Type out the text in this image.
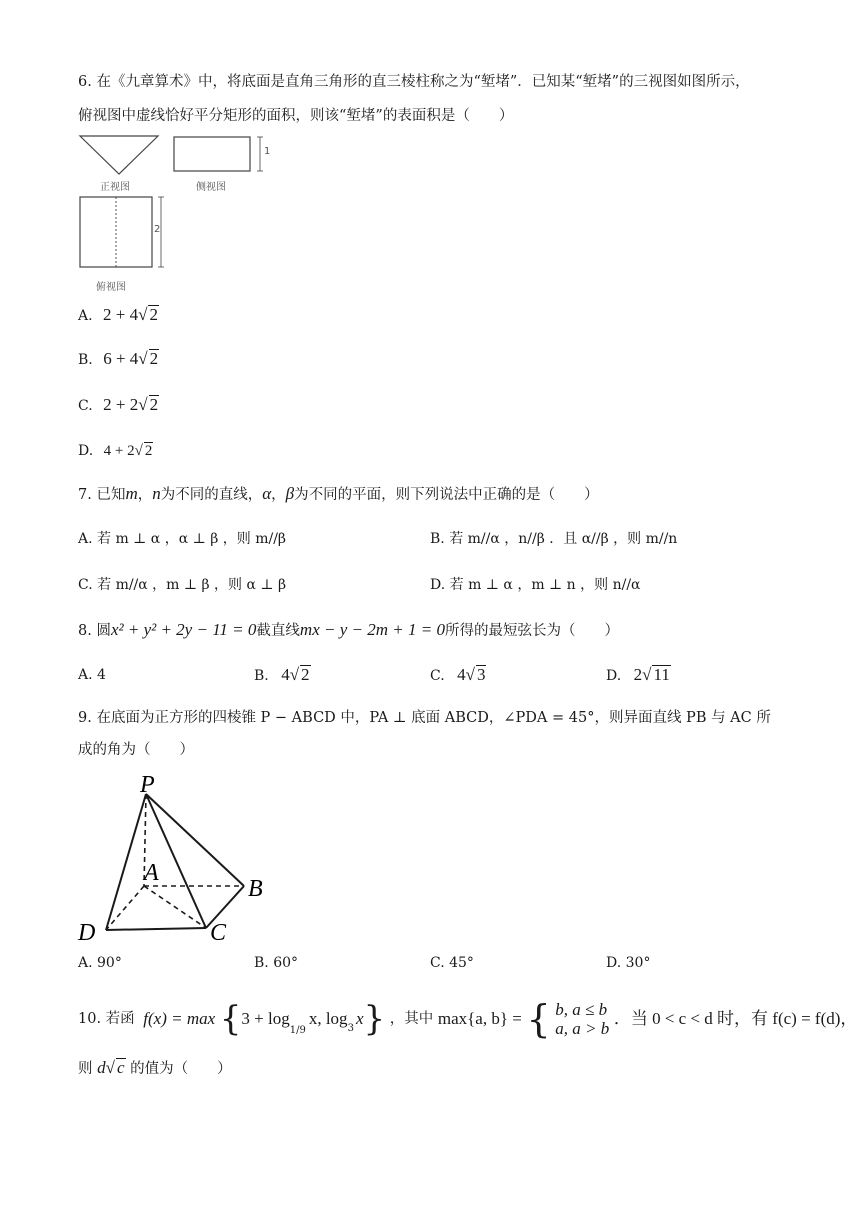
6. 在《九章算术》中，将底面是直角三角形的直三棱柱称之为“堑堵”．已知某“堑堵”的三视图如图所示，
俯视图中虚线恰好平分矩形的面积，则该“堑堵”的表面积是（　　）
正视图
1
侧视图
2
俯视图
A. 2 + 4√ 2
B. 6 + 4√ 2
C. 2 + 2√ 2
D. 4 + 2√ 2
7. 已知m，n为不同的直线，α，β为不同的平面，则下列说法中正确的是（　　）
A. 若 m ⊥ α ，α ⊥ β ，则 m//β	B. 若 m//α ，n//β ．且 α//β ，则 m//n
C. 若 m//α ，m ⊥ β ，则 α ⊥ β	D. 若 m ⊥ α ，m ⊥ n ，则 n//α
8. 圆x² + y² + 2y − 11 = 0截直线mx − y − 2m + 1 = 0所得的最短弦长为（　　）
A. 4	B. 4√ 2	C. 4√ 3	D. 2√ 11
9. 在底面为正方形的四棱锥 P − ABCD 中，PA ⊥ 底面 ABCD，∠PDA = 45°，则异面直线 PB 与 AC 所
成的角为（　　）
P
A
B
C
D
A. 90°	B. 60°	C. 45°	D. 30°
10. 若函 $f(x) = \max \{3 + \log_{1/9}x$, $\log_3x$} ，其中 max{a, b} = { b, a ≤ b
a, a > b
．当 0 < c < d 时，有 f(c) = f(d)，
则 d√ c 的值为（　　）
